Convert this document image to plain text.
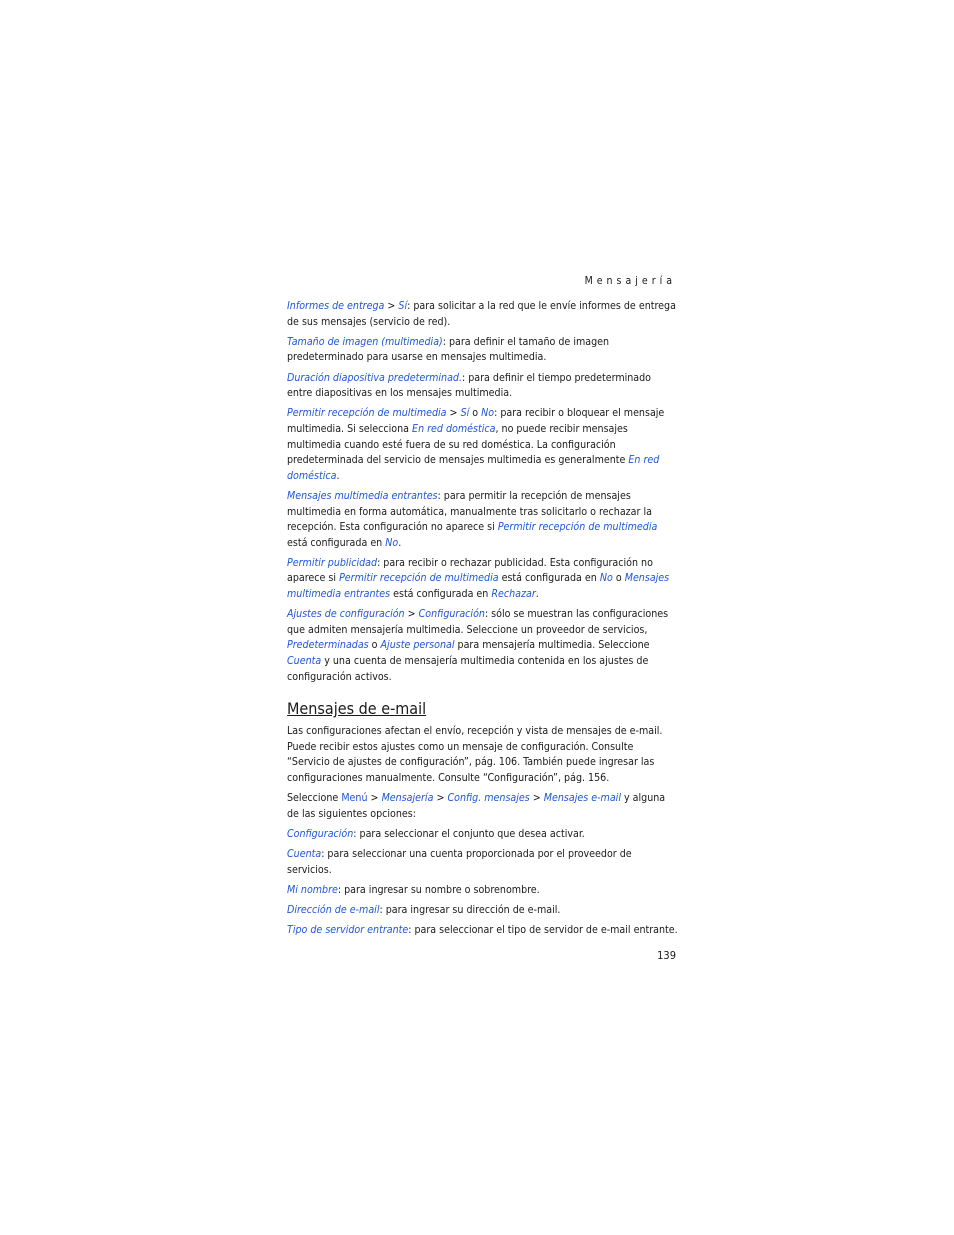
Mensajería

Informes de entrega > Sí: para solicitar a la red que le envíe informes de entrega de sus mensajes (servicio de red).

Tamaño de imagen (multimedia): para definir el tamaño de imagen predeterminado para usarse en mensajes multimedia.

Duración diapositiva predeterminad.: para definir el tiempo predeterminado entre diapositivas en los mensajes multimedia.

Permitir recepción de multimedia > Sí o No: para recibir o bloquear el mensaje multimedia. Si selecciona En red doméstica, no puede recibir mensajes multimedia cuando esté fuera de su red doméstica. La configuración predeterminada del servicio de mensajes multimedia es generalmente En red doméstica.

Mensajes multimedia entrantes: para permitir la recepción de mensajes multimedia en forma automática, manualmente tras solicitarlo o rechazar la recepción. Esta configuración no aparece si Permitir recepción de multimedia está configurada en No.

Permitir publicidad: para recibir o rechazar publicidad. Esta configuración no aparece si Permitir recepción de multimedia está configurada en No o Mensajes multimedia entrantes está configurada en Rechazar.

Ajustes de configuración > Configuración: sólo se muestran las configuraciones que admiten mensajería multimedia. Seleccione un proveedor de servicios, Predeterminadas o Ajuste personal para mensajería multimedia. Seleccione Cuenta y una cuenta de mensajería multimedia contenida en los ajustes de configuración activos.

Mensajes de e-mail

Las configuraciones afectan el envío, recepción y vista de mensajes de e-mail. Puede recibir estos ajustes como un mensaje de configuración. Consulte “Servicio de ajustes de configuración”, pág. 106. También puede ingresar las configuraciones manualmente. Consulte “Configuración”, pág. 156.

Seleccione Menú > Mensajería > Config. mensajes > Mensajes e-mail y alguna de las siguientes opciones:

Configuración: para seleccionar el conjunto que desea activar.

Cuenta: para seleccionar una cuenta proporcionada por el proveedor de servicios.

Mi nombre: para ingresar su nombre o sobrenombre.

Dirección de e-mail: para ingresar su dirección de e-mail.

Tipo de servidor entrante: para seleccionar el tipo de servidor de e-mail entrante.

139
